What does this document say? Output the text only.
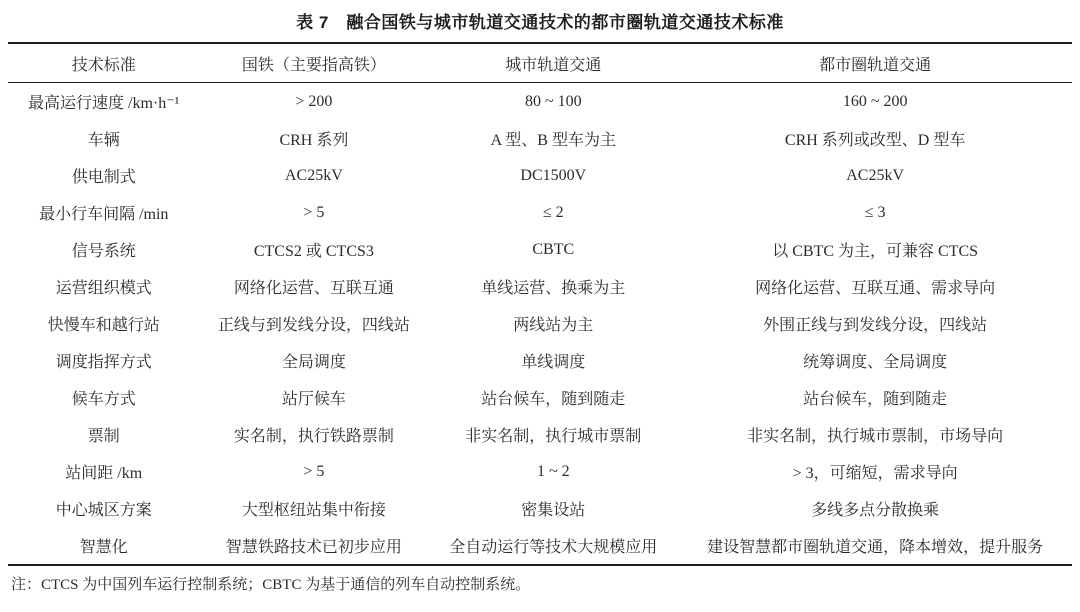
表 7　融合国铁与城市轨道交通技术的都市圈轨道交通技术标准
技术标准	国铁（主要指高铁）	城市轨道交通	都市圈轨道交通
最高运行速度 /km·h⁻¹	> 200	80 ~ 100	160 ~ 200
车辆	CRH 系列	A 型、B 型车为主	CRH 系列或改型、D 型车
供电制式	AC25kV	DC1500V	AC25kV
最小行车间隔 /min	> 5	≤ 2	≤ 3
信号系统	CTCS2 或 CTCS3	CBTC	以 CBTC 为主，可兼容 CTCS
运营组织模式	网络化运营、互联互通	单线运营、换乘为主	网络化运营、互联互通、需求导向
快慢车和越行站	正线与到发线分设，四线站	两线站为主	外围正线与到发线分设，四线站
调度指挥方式	全局调度	单线调度	统筹调度、全局调度
候车方式	站厅候车	站台候车，随到随走	站台候车，随到随走
票制	实名制，执行铁路票制	非实名制，执行城市票制	非实名制，执行城市票制，市场导向
站间距 /km	> 5	1 ~ 2	> 3，可缩短，需求导向
中心城区方案	大型枢纽站集中衔接	密集设站	多线多点分散换乘
智慧化	智慧铁路技术已初步应用	全自动运行等技术大规模应用	建设智慧都市圈轨道交通，降本增效，提升服务
注：CTCS 为中国列车运行控制系统；CBTC 为基于通信的列车自动控制系统。
